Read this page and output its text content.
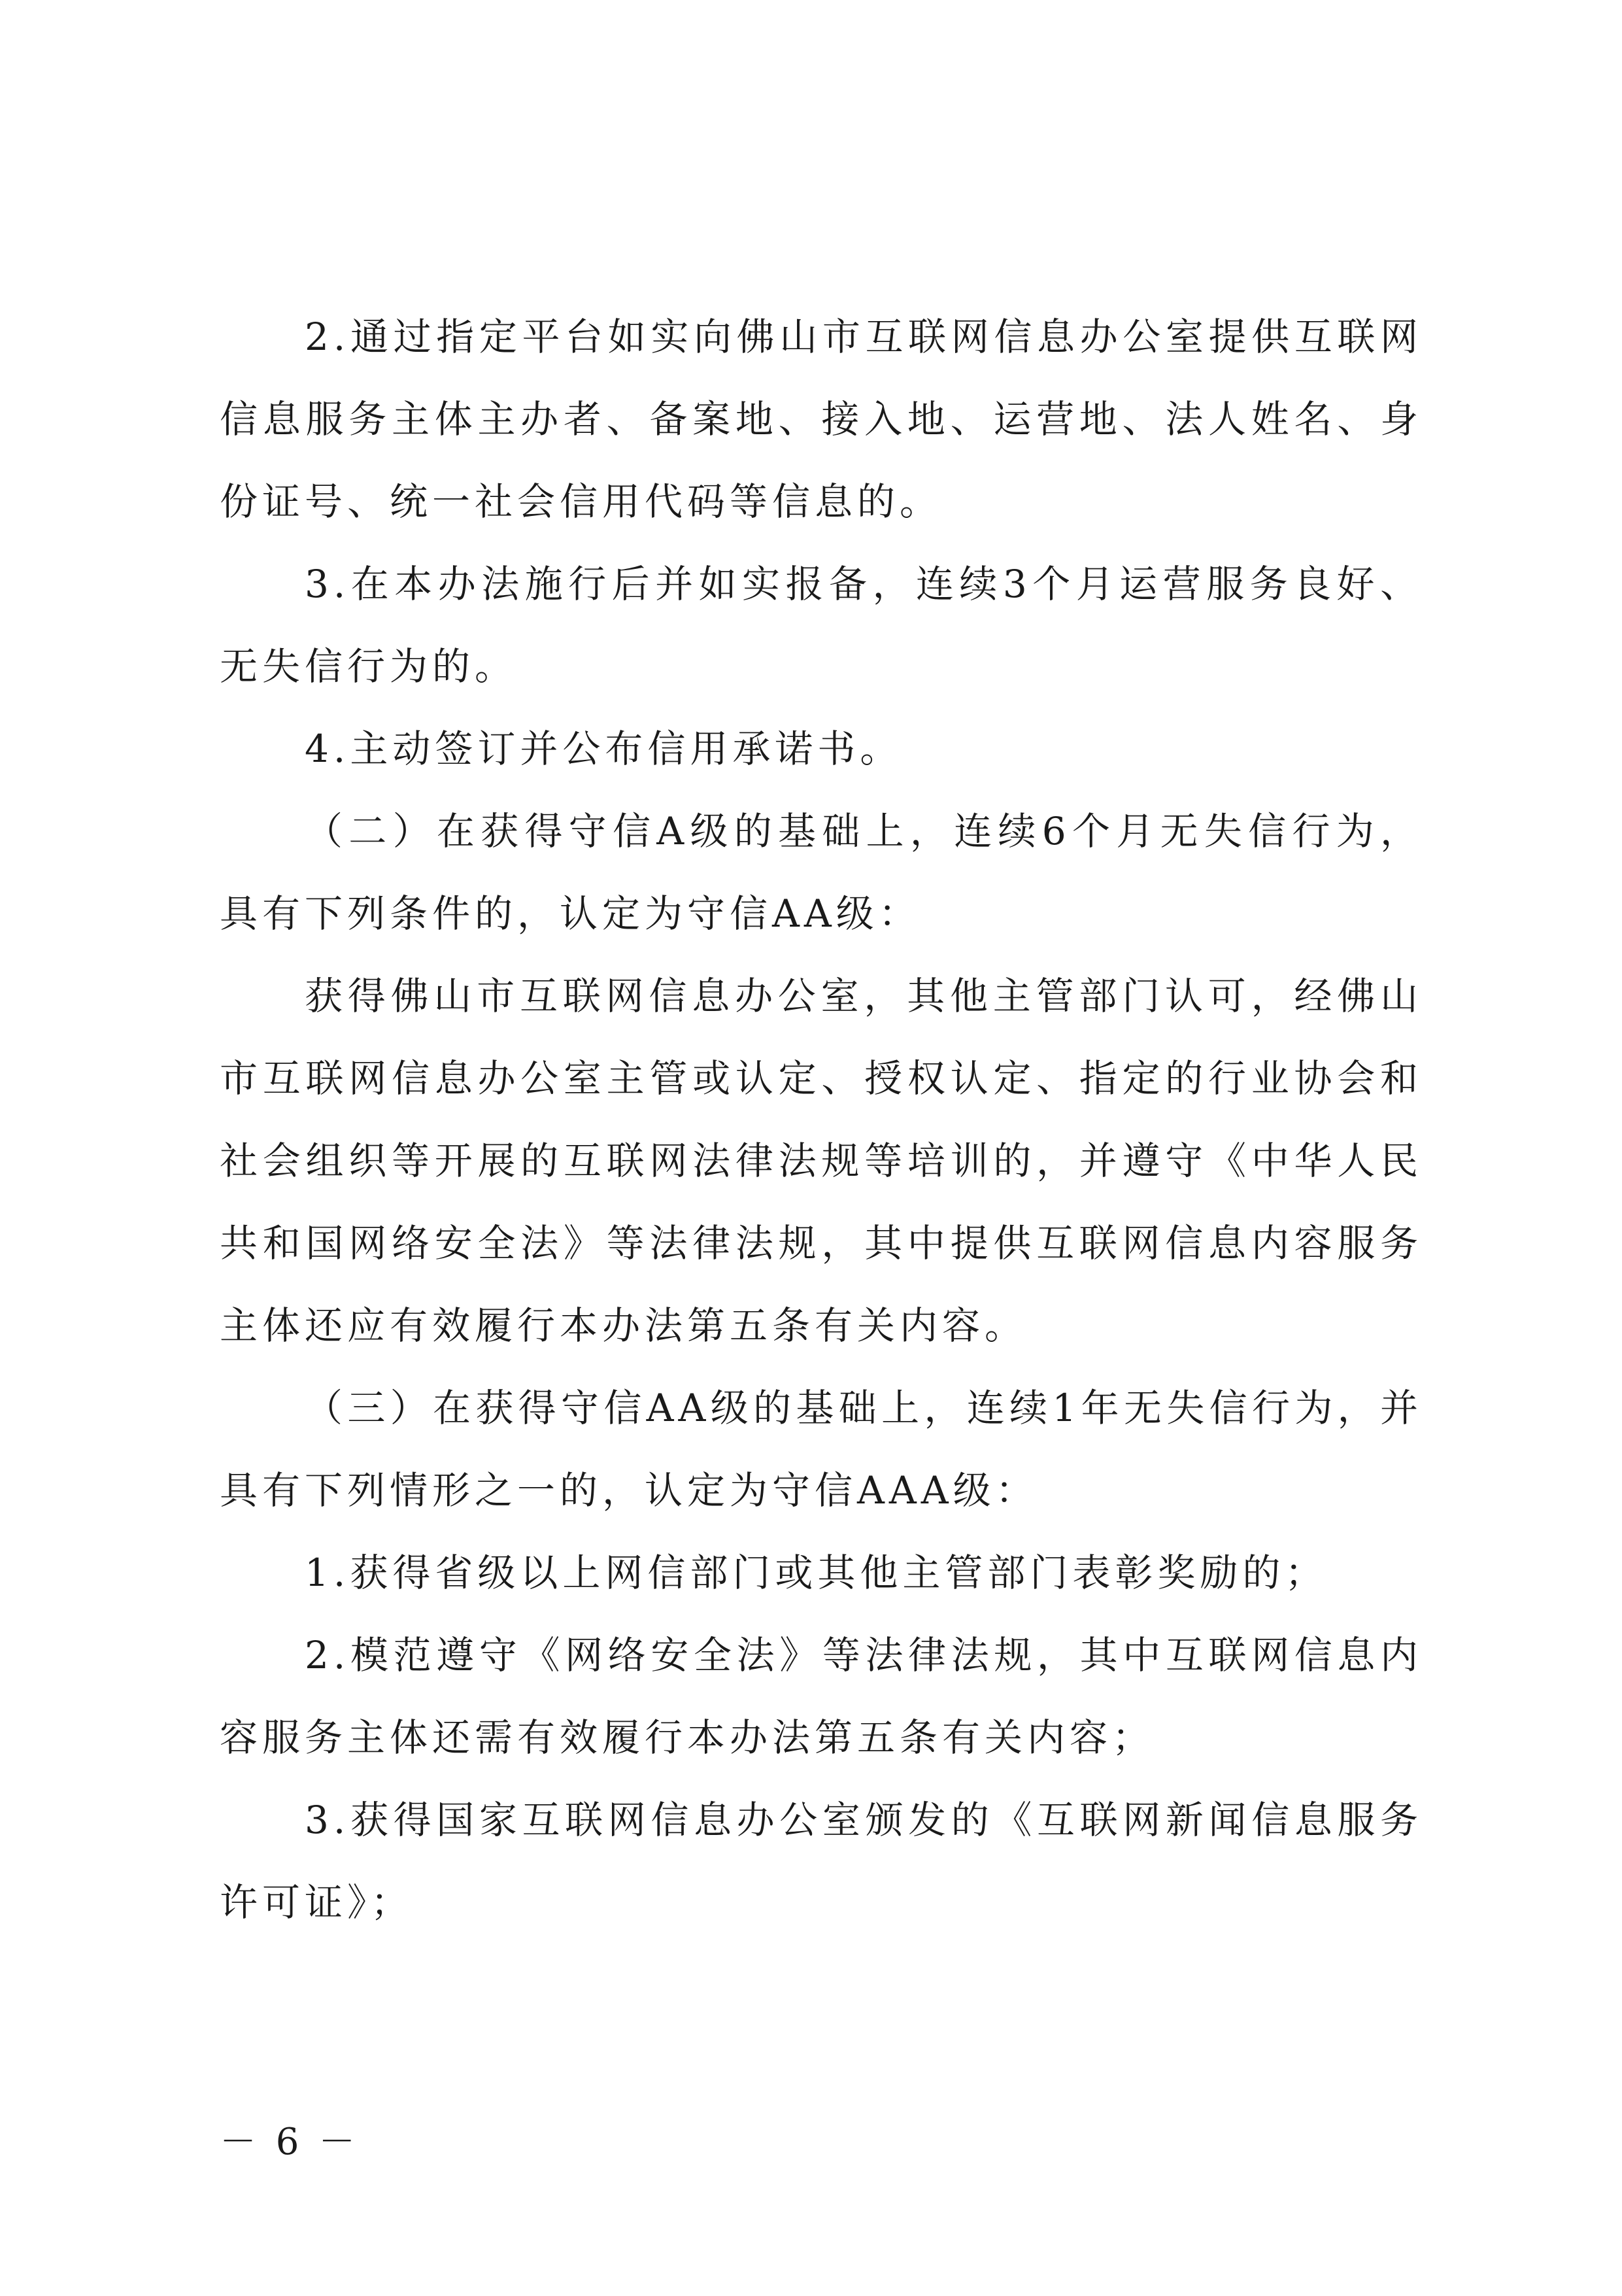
2.通过指定平台如实向佛山市互联网信息办公室提供互联网信息服务主体主办者、备案地、接入地、运营地、法人姓名、身份证号、统一社会信用代码等信息的。

3.在本办法施行后并如实报备，连续3个月运营服务良好、无失信行为的。

4.主动签订并公布信用承诺书。

（二）在获得守信A级的基础上，连续6个月无失信行为，具有下列条件的，认定为守信AA级：

获得佛山市互联网信息办公室，其他主管部门认可，经佛山市互联网信息办公室主管或认定、授权认定、指定的行业协会和社会组织等开展的互联网法律法规等培训的，并遵守《中华人民共和国网络安全法》等法律法规，其中提供互联网信息内容服务主体还应有效履行本办法第五条有关内容。

（三）在获得守信AA级的基础上，连续1年无失信行为，并具有下列情形之一的，认定为守信AAA级：

1.获得省级以上网信部门或其他主管部门表彰奖励的；

2.模范遵守《网络安全法》等法律法规，其中互联网信息内容服务主体还需有效履行本办法第五条有关内容；

3.获得国家互联网信息办公室颁发的《互联网新闻信息服务许可证》；

－ 6 －
